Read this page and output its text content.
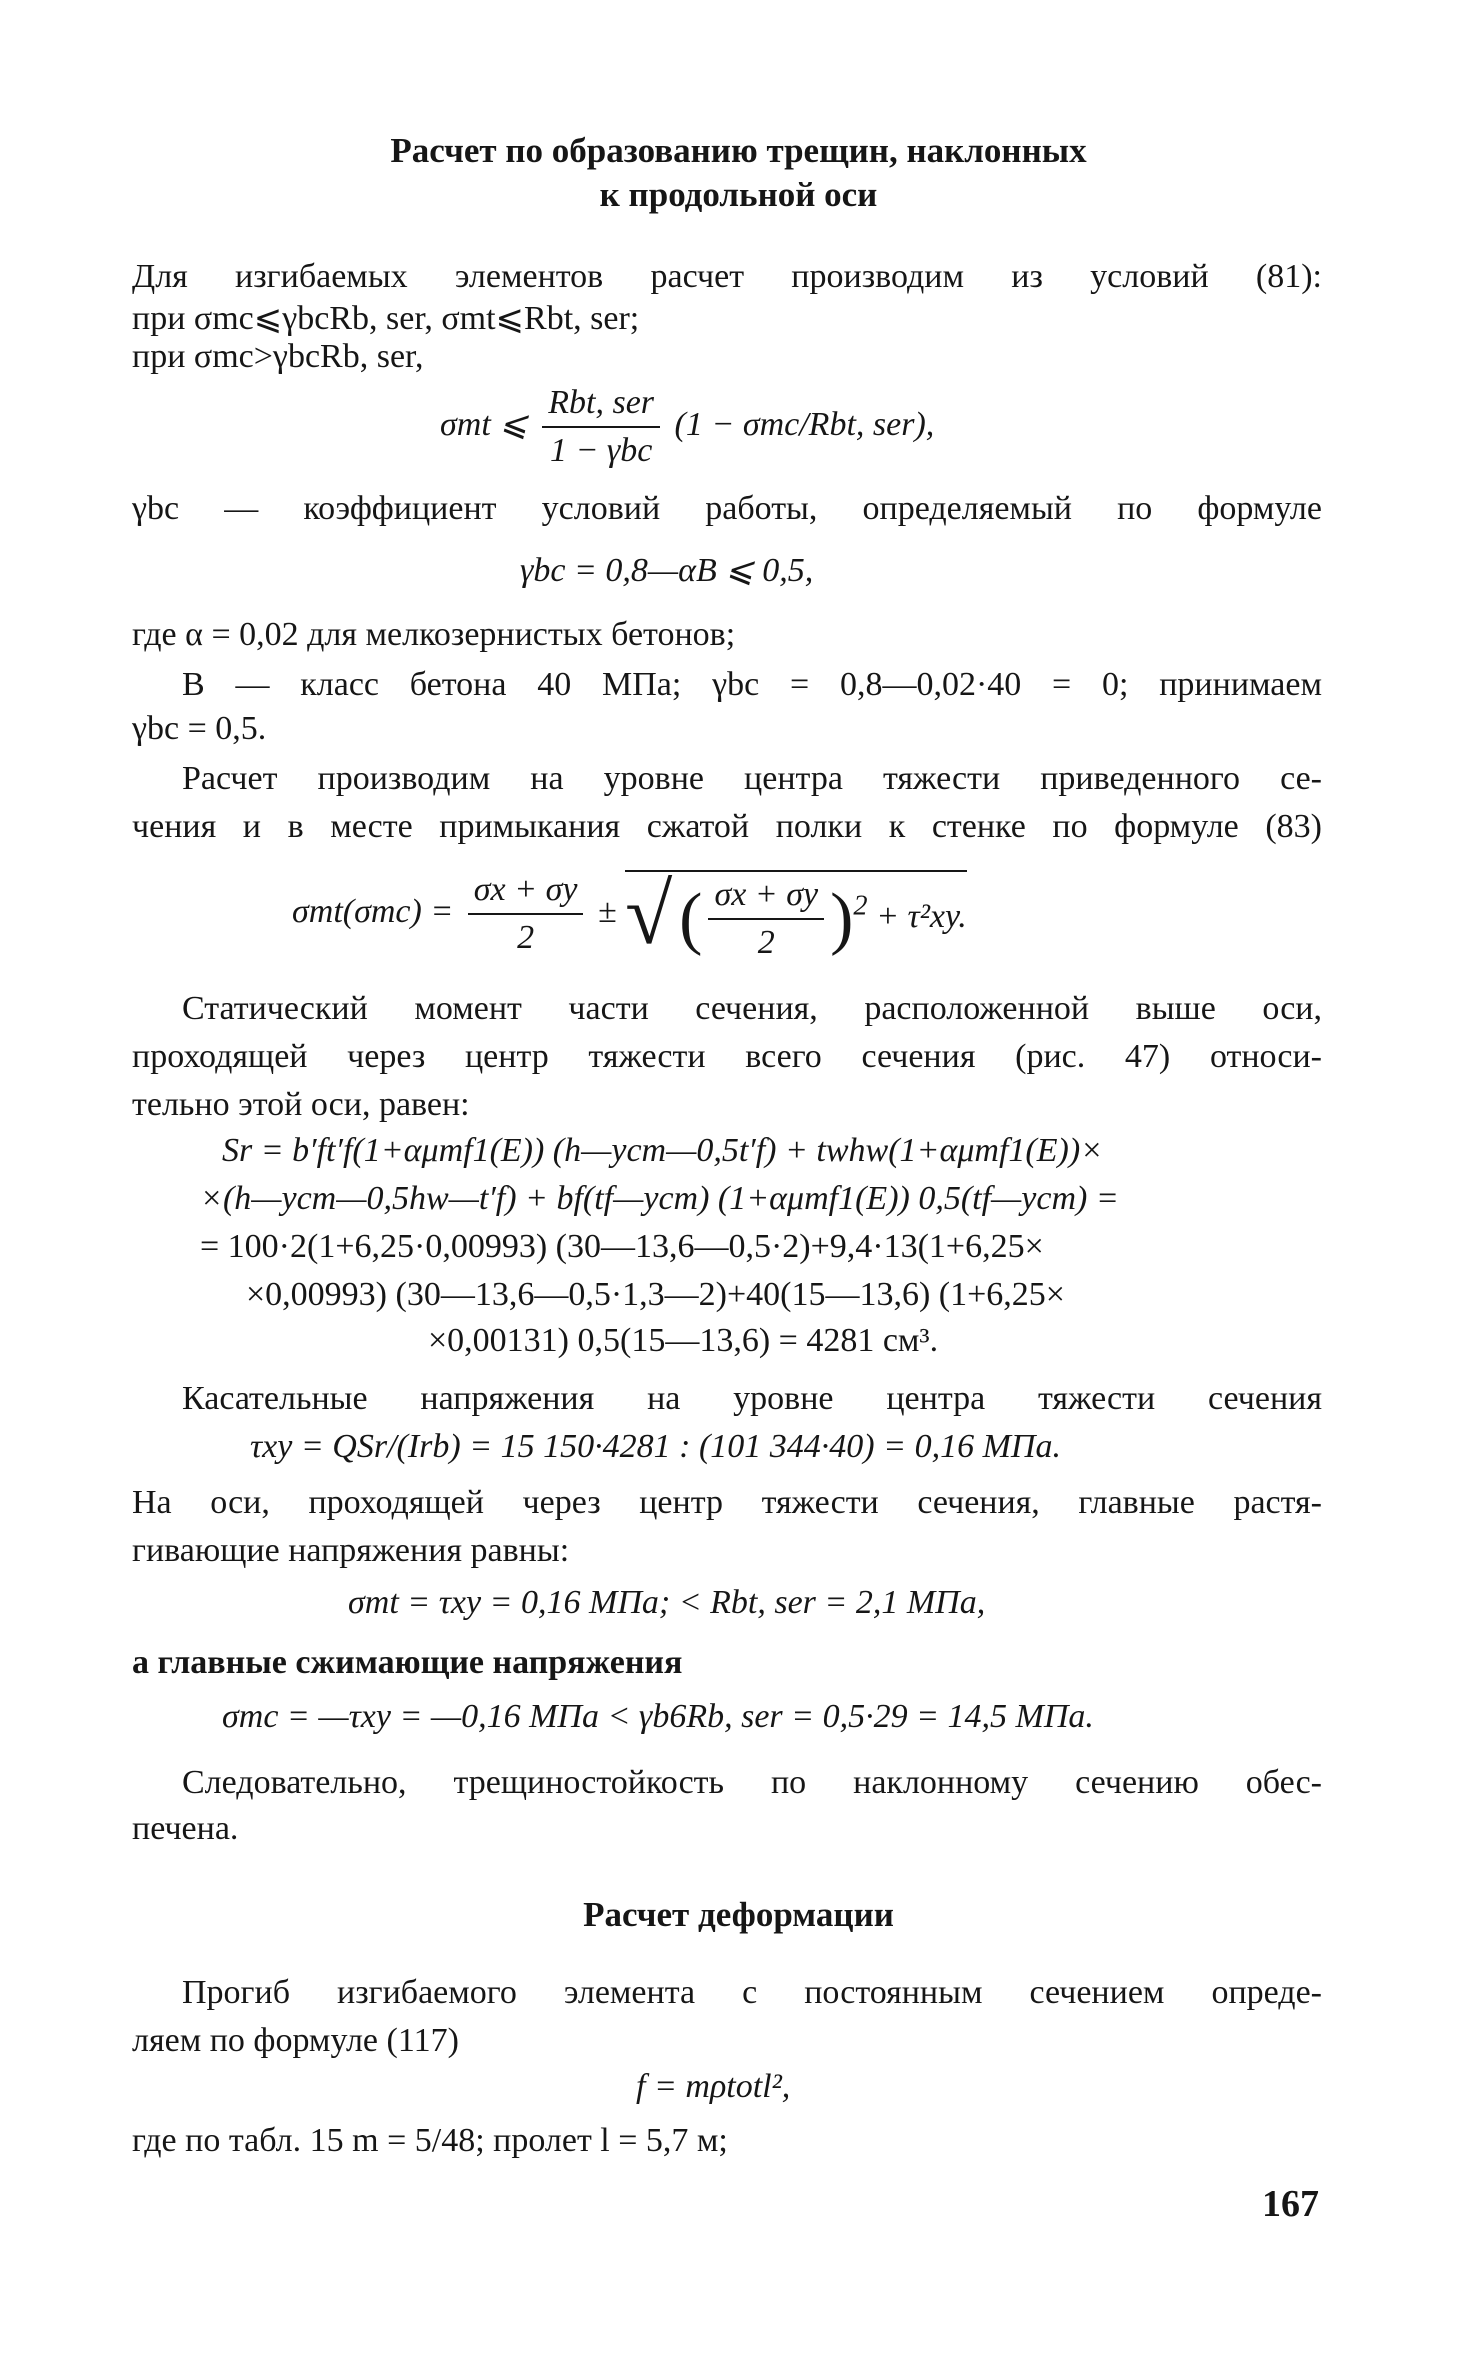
Расчет по образованию трещин, наклонных
к продольной оси
Для изгибаемых элементов расчет производим из условий (81):
при σmc⩽γbcRb, ser, σmt⩽Rbt, ser;
при σmc>γbcRb, ser,
σmt ⩽ $\frac{\text{Rbt, ser}}{\text{1 − γbc}} (1 - \sigma mc/Rbt$, ser),
γbc — коэффициент условий работы, определяемый по формуле
γbc = 0,8—αB ⩽ 0,5,
где α = 0,02 для мелкозернистых бетонов;
В — класс бетона 40 МПа; γbc = 0,8—0,02·40 = 0; принимаем
γbc = 0,5.
Расчет производим на уровне центра тяжести приведенного се-
чения и в месте примыкания сжатой полки к стенке по формуле (83)
$\sigma mt(\sigma mc) = \frac{\sigma x + \sigma y}{2}$ ± √ ( $\frac{\sigma x + \sigma y}{2} )^2 + \tau^2xy$.
Статический момент части сечения, расположенной выше оси,
проходящей через центр тяжести всего сечения (рис. 47) относи-
тельно этой оси, равен:
Sr = b′ft′f(1+αμmf1(E)) (h—ycm—0,5t′f) + twhw(1+αμmf1(E))×
×(h—ycm—0,5hw—t′f) + bf(tf—ycm) (1+αμmf1(E)) 0,5(tf—ycm) =
= 100·2(1+6,25·0,00993) (30—13,6—0,5·2)+9,4·13(1+6,25×
×0,00993) (30—13,6—0,5·1,3—2)+40(15—13,6) (1+6,25×
×0,00131) 0,5(15—13,6) = 4281 см³.
Касательные напряжения на уровне центра тяжести сечения
τxy = QSr/(Irb) = 15 150·4281 : (101 344·40) = 0,16 МПа.
На оси, проходящей через центр тяжести сечения, главные растя-
гивающие напряжения равны:
σmt = τxy = 0,16 МПа; < Rbt, ser = 2,1 МПа,
а главные сжимающие напряжения
σmc = —τxy = —0,16 МПа < γb6Rb, ser = 0,5·29 = 14,5 МПа.
Следовательно, трещиностойкость по наклонному сечению обес-
печена.
Расчет деформации
Прогиб изгибаемого элемента с постоянным сечением опреде-
ляем по формуле (117)
f = mρtotl²,
где по табл. 15 m = 5/48; пролет l = 5,7 м;
167
